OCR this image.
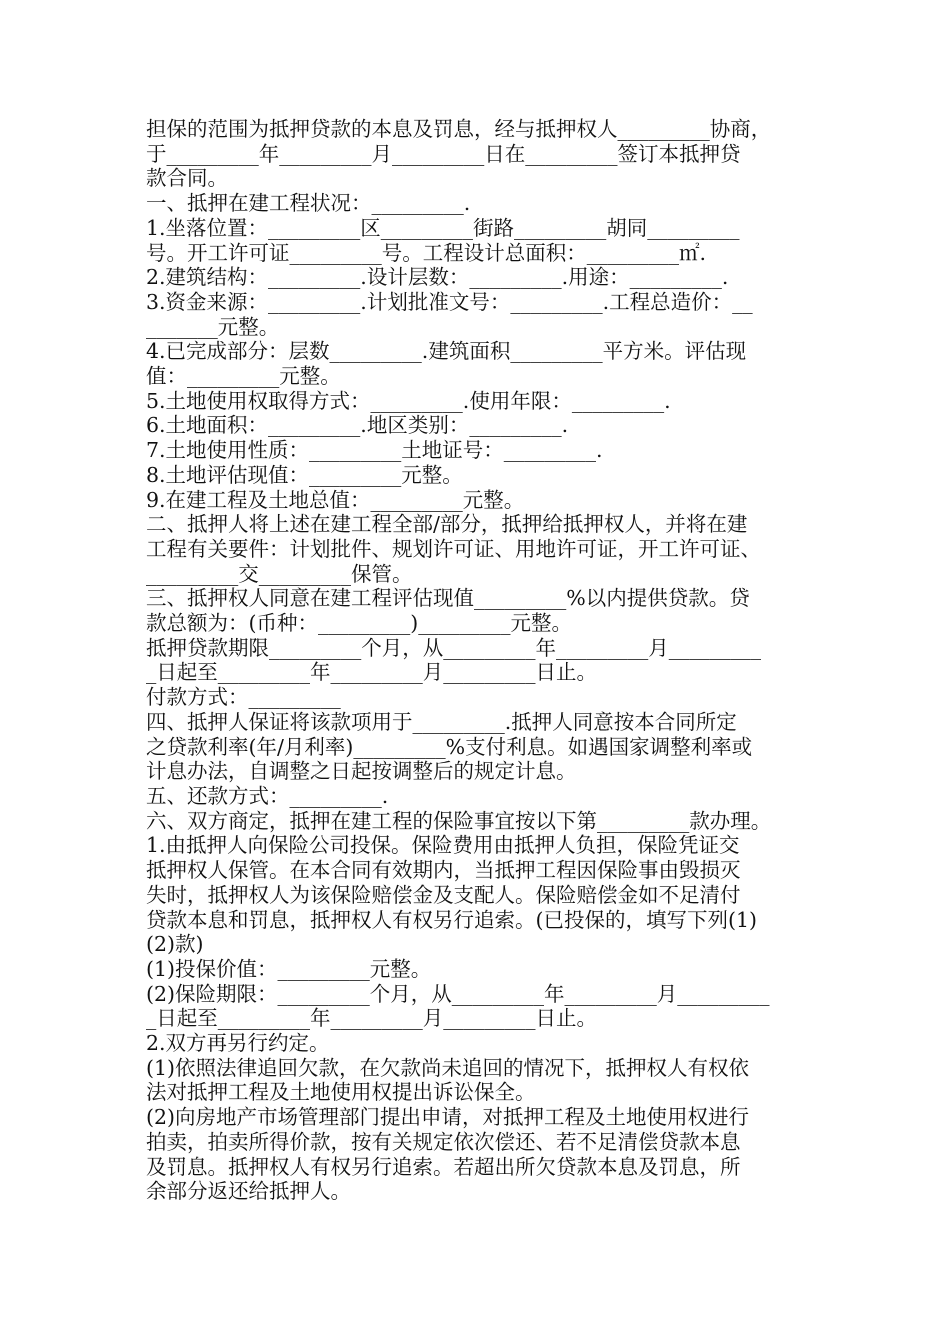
担保的范围为抵押贷款的本息及罚息，经与抵押权人_________协商，
于_________年_________月_________日在_________签订本抵押贷
款合同。
一、抵押在建工程状况：_________.
1.坐落位置：_________区_________街路_________胡同_________
号。开工许可证_________号。工程设计总面积：_________㎡.
2.建筑结构：_________.设计层数：_________.用途：_________.
3.资金来源：_________.计划批准文号：_________.工程总造价：__
_______元整。
4.已完成部分：层数_________.建筑面积_________平方米。评估现
值：_________元整。
5.土地使用权取得方式：_________.使用年限：_________.
6.土地面积：_________.地区类别：_________.
7.土地使用性质：_________土地证号：_________.
8.土地评估现值：_________元整。
9.在建工程及土地总值：_________元整。
二、抵押人将上述在建工程全部/部分，抵押给抵押权人，并将在建
工程有关要件：计划批件、规划许可证、用地许可证，开工许可证、
_________交_________保管。
三、抵押权人同意在建工程评估现值_________%以内提供贷款。贷
款总额为：(币种：_________)_________元整。
抵押贷款期限_________个月，从_________年_________月_________
_日起至_________年_________月_________日止。
付款方式：_________
四、抵押人保证将该款项用于_________.抵押人同意按本合同所定
之贷款利率(年/月利率)_________%支付利息。如遇国家调整利率或
计息办法，自调整之日起按调整后的规定计息。
五、还款方式：_________.
六、双方商定，抵押在建工程的保险事宜按以下第_________款办理。
1.由抵押人向保险公司投保。保险费用由抵押人负担，保险凭证交
抵押权人保管。在本合同有效期内，当抵押工程因保险事由毁损灭
失时，抵押权人为该保险赔偿金及支配人。保险赔偿金如不足清付
贷款本息和罚息，抵押权人有权另行追索。(已投保的，填写下列(1)
(2)款)
(1)投保价值：_________元整。
(2)保险期限：_________个月，从_________年_________月_________
_日起至_________年_________月_________日止。
2.双方再另行约定。
(1)依照法律追回欠款，在欠款尚未追回的情况下，抵押权人有权依
法对抵押工程及土地使用权提出诉讼保全。
(2)向房地产市场管理部门提出申请，对抵押工程及土地使用权进行
拍卖，拍卖所得价款，按有关规定依次偿还、若不足清偿贷款本息
及罚息。抵押权人有权另行追索。若超出所欠贷款本息及罚息，所
余部分返还给抵押人。
